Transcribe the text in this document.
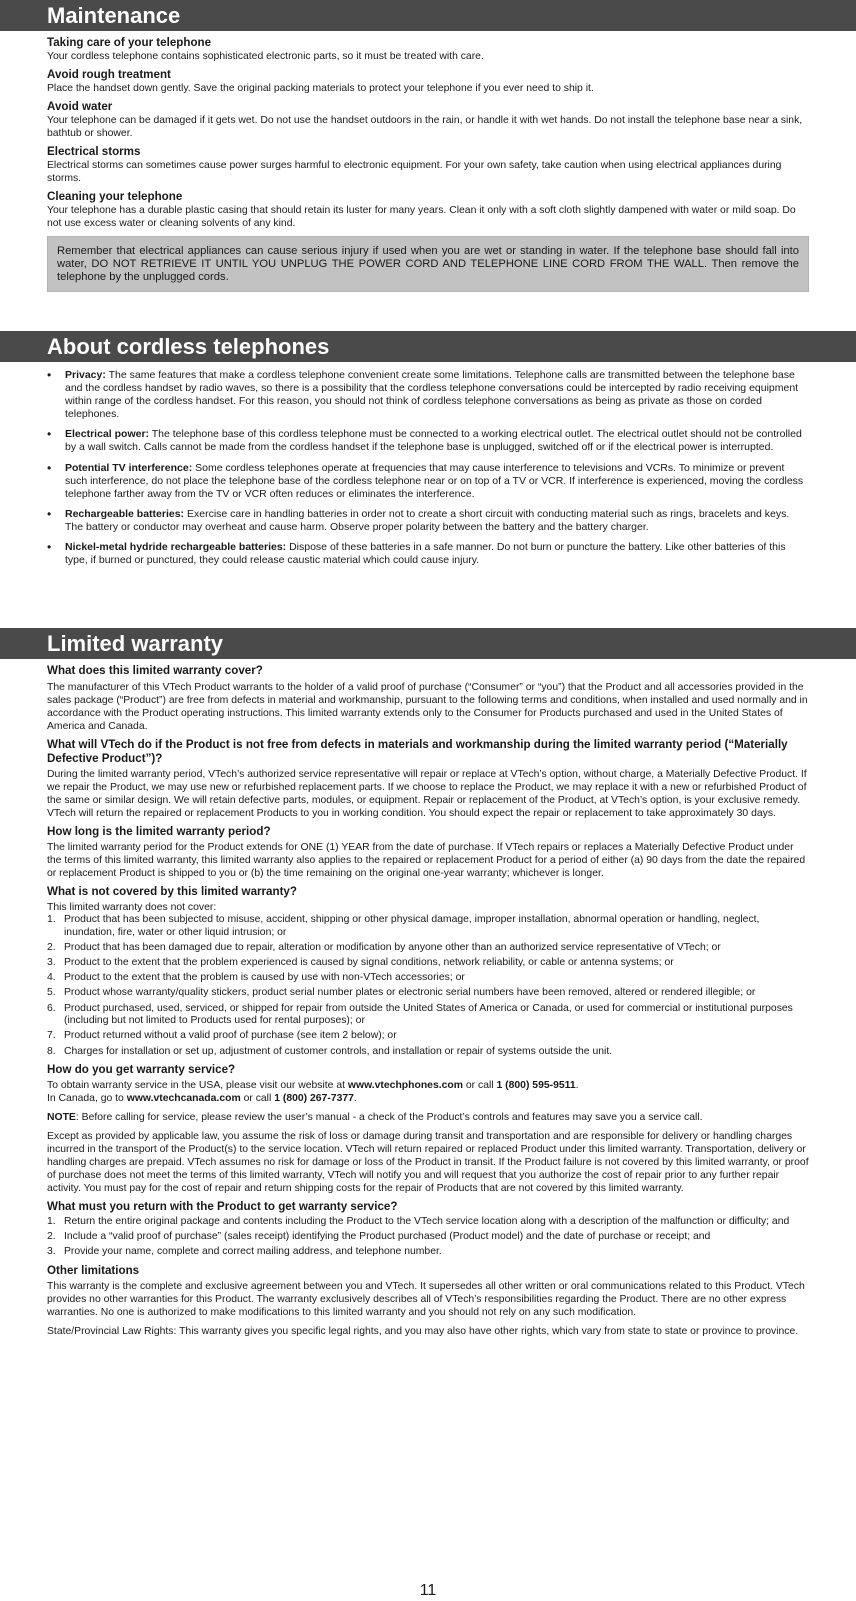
Maintenance
Taking care of your telephone

Your cordless telephone contains sophisticated electronic parts, so it must be treated with care.

Avoid rough treatment

Place the handset down gently. Save the original packing materials to protect your telephone if you ever need to ship it.

Avoid water

Your telephone can be damaged if it gets wet. Do not use the handset outdoors in the rain, or handle it with wet hands. Do not install the telephone base near a sink, bathtub or shower.

Electrical storms

Electrical storms can sometimes cause power surges harmful to electronic equipment. For your own safety, take caution when using electrical appliances during storms.

Cleaning your telephone

Your telephone has a durable plastic casing that should retain its luster for many years. Clean it only with a soft cloth slightly dampened with water or mild soap. Do not use excess water or cleaning solvents of any kind.

Remember that electrical appliances can cause serious injury if used when you are wet or standing in water. If the telephone base should fall into water, DO NOT RETRIEVE IT UNTIL YOU UNPLUG THE POWER CORD AND TELEPHONE LINE CORD FROM THE WALL. Then remove the telephone by the unplugged cords.
About cordless telephones
• Privacy: The same features that make a cordless telephone convenient create some limitations. Telephone calls are transmitted between the telephone base and the cordless handset by radio waves, so there is a possibility that the cordless telephone conversations could be intercepted by radio receiving equipment within range of the cordless handset. For this reason, you should not think of cordless telephone conversations as being as private as those on corded telephones.
• Electrical power: The telephone base of this cordless telephone must be connected to a working electrical outlet. The electrical outlet should not be controlled by a wall switch. Calls cannot be made from the cordless handset if the telephone base is unplugged, switched off or if the electrical power is interrupted.
• Potential TV interference: Some cordless telephones operate at frequencies that may cause interference to televisions and VCRs. To minimize or prevent such interference, do not place the telephone base of the cordless telephone near or on top of a TV or VCR. If interference is experienced, moving the cordless telephone farther away from the TV or VCR often reduces or eliminates the interference.
• Rechargeable batteries: Exercise care in handling batteries in order not to create a short circuit with conducting material such as rings, bracelets and keys. The battery or conductor may overheat and cause harm. Observe proper polarity between the battery and the battery charger.
• Nickel-metal hydride rechargeable batteries: Dispose of these batteries in a safe manner. Do not burn or puncture the battery. Like other batteries of this type, if burned or punctured, they could release caustic material which could cause injury.
Limited warranty
What does this limited warranty cover?

The manufacturer of this VTech Product warrants to the holder of a valid proof of purchase (“Consumer” or “you”) that the Product and all accessories provided in the sales package (“Product”) are free from defects in material and workmanship, pursuant to the following terms and conditions, when installed and used normally and in accordance with the Product operating instructions. This limited warranty extends only to the Consumer for Products purchased and used in the United States of America and Canada.

What will VTech do if the Product is not free from defects in materials and workmanship during the limited warranty period (“Materially Defective Product”)?

During the limited warranty period, VTech’s authorized service representative will repair or replace at VTech’s option, without charge, a Materially Defective Product. If we repair the Product, we may use new or refurbished replacement parts. If we choose to replace the Product, we may replace it with a new or refurbished Product of the same or similar design. We will retain defective parts, modules, or equipment. Repair or replacement of the Product, at VTech’s option, is your exclusive remedy. VTech will return the repaired or replacement Products to you in working condition. You should expect the repair or replacement to take approximately 30 days.

How long is the limited warranty period?

The limited warranty period for the Product extends for ONE (1) YEAR from the date of purchase. If VTech repairs or replaces a Materially Defective Product under the terms of this limited warranty, this limited warranty also applies to the repaired or replacement Product for a period of either (a) 90 days from the date the repaired or replacement Product is shipped to you or (b) the time remaining on the original one-year warranty; whichever is longer.

What is not covered by this limited warranty?

This limited warranty does not cover:

1. Product that has been subjected to misuse, accident, shipping or other physical damage, improper installation, abnormal operation or handling, neglect, inundation, fire, water or other liquid intrusion; or
2. Product that has been damaged due to repair, alteration or modification by anyone other than an authorized service representative of VTech; or
3. Product to the extent that the problem experienced is caused by signal conditions, network reliability, or cable or antenna systems; or
4. Product to the extent that the problem is caused by use with non-VTech accessories; or
5. Product whose warranty/quality stickers, product serial number plates or electronic serial numbers have been removed, altered or rendered illegible; or
6. Product purchased, used, serviced, or shipped for repair from outside the United States of America or Canada, or used for commercial or institutional purposes (including but not limited to Products used for rental purposes); or
7. Product returned without a valid proof of purchase (see item 2 below); or
8. Charges for installation or set up, adjustment of customer controls, and installation or repair of systems outside the unit.
How do you get warranty service?

To obtain warranty service in the USA, please visit our website at www.vtechphones.com or call 1 (800) 595-9511.

In Canada, go to www.vtechcanada.com or call 1 (800) 267-7377.

NOTE: Before calling for service, please review the user’s manual - a check of the Product’s controls and features may save you a service call.

Except as provided by applicable law, you assume the risk of loss or damage during transit and transportation and are responsible for delivery or handling charges incurred in the transport of the Product(s) to the service location. VTech will return repaired or replaced Product under this limited warranty. Transportation, delivery or handling charges are prepaid. VTech assumes no risk for damage or loss of the Product in transit. If the Product failure is not covered by this limited warranty, or proof of purchase does not meet the terms of this limited warranty, VTech will notify you and will request that you authorize the cost of repair prior to any further repair activity. You must pay for the cost of repair and return shipping costs for the repair of Products that are not covered by this limited warranty.

What must you return with the Product to get warranty service?
1. Return the entire original package and contents including the Product to the VTech service location along with a description of the malfunction or difficulty; and
2. Include a “valid proof of purchase” (sales receipt) identifying the Product purchased (Product model) and the date of purchase or receipt; and
3. Provide your name, complete and correct mailing address, and telephone number.
Other limitations

This warranty is the complete and exclusive agreement between you and VTech. It supersedes all other written or oral communications related to this Product. VTech provides no other warranties for this Product. The warranty exclusively describes all of VTech’s responsibilities regarding the Product. There are no other express warranties. No one is authorized to make modifications to this limited warranty and you should not rely on any such modification.

State/Provincial Law Rights: This warranty gives you specific legal rights, and you may also have other rights, which vary from state to state or province to province.

11
